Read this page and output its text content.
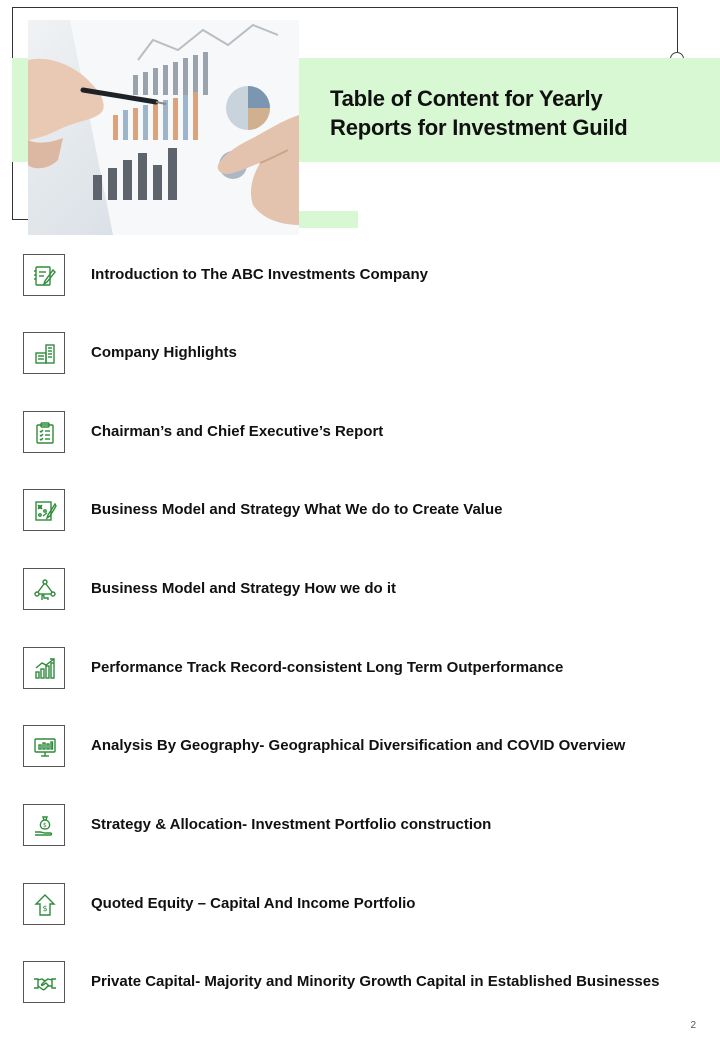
Table of Content for Yearly
Reports for Investment Guild
Introduction to The ABC Investments Company
Company Highlights
Chairman’s and Chief Executive’s Report
Business Model and Strategy What We do to Create Value
Business Model and Strategy How we do it
Performance Track Record-consistent Long Term Outperformance
Analysis By Geography- Geographical Diversification and COVID Overview
$	Strategy & Allocation- Investment Portfolio construction
$	Quoted Equity – Capital And Income Portfolio
Private Capital- Majority and Minority Growth Capital in Established Businesses
2
